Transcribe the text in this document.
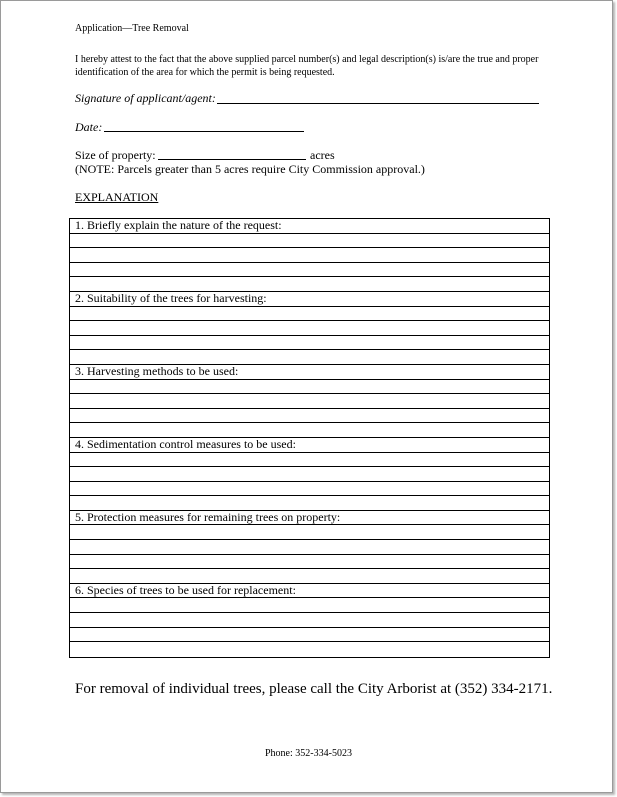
Application—Tree Removal
I hereby attest to the fact that the above supplied parcel number(s) and legal description(s) is/are the true and proper identification of the area for which the permit is being requested.
Signature of applicant/agent:
Date:
Size of property:	acres
(NOTE: Parcels greater than 5 acres require City Commission approval.)
EXPLANATION
1. Briefly explain the nature of the request:
2. Suitability of the trees for harvesting:
3. Harvesting methods to be used:
4. Sedimentation control measures to be used:
5. Protection measures for remaining trees on property:
6. Species of trees to be used for replacement:
For removal of individual trees, please call the City Arborist at (352) 334-2171.
Phone: 352-334-5023
